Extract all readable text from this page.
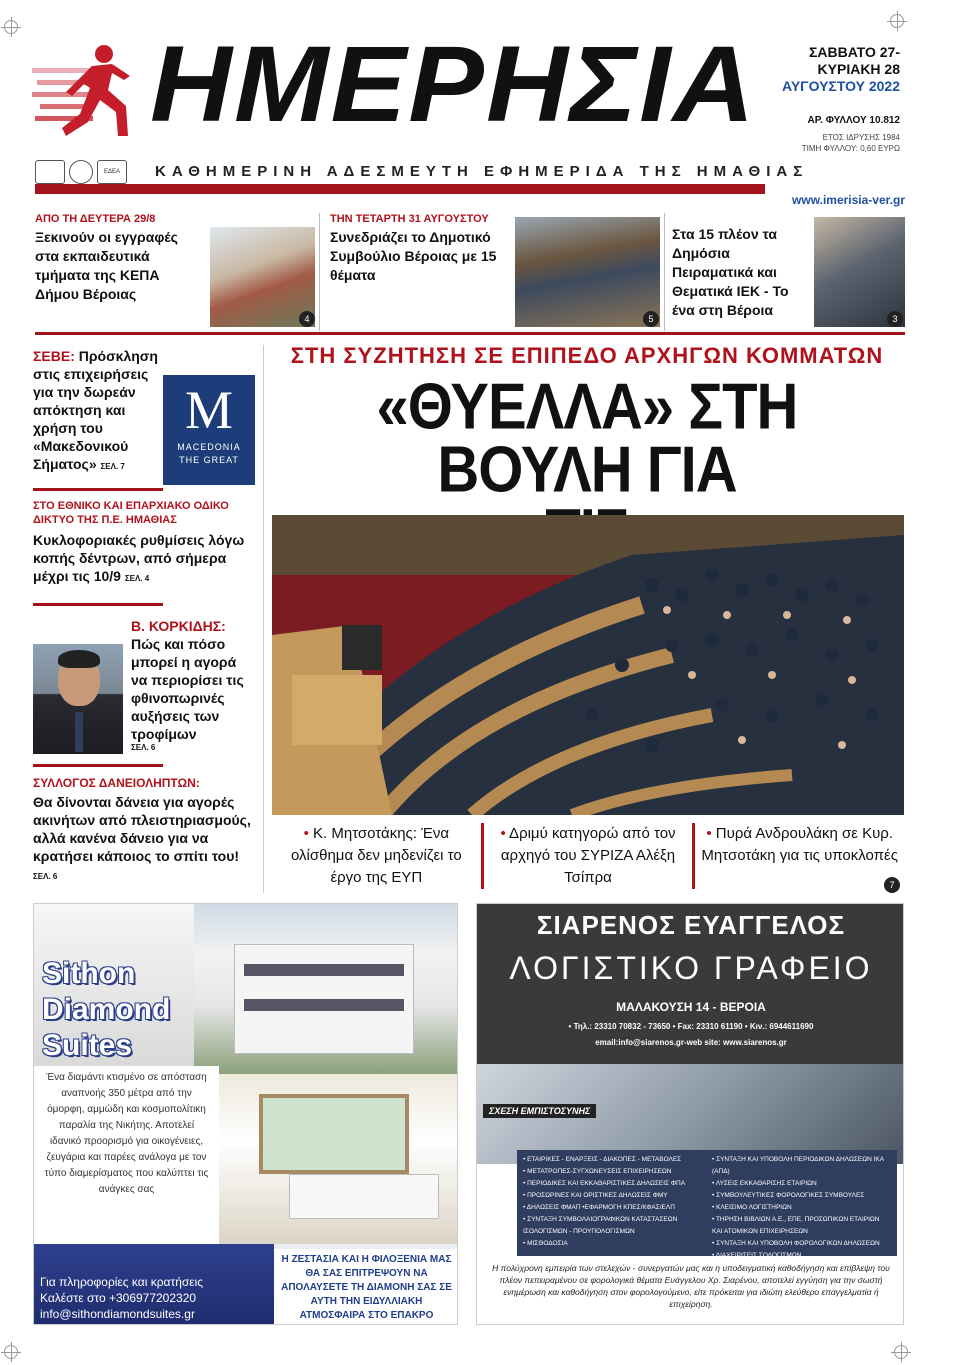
ΗΜΕΡΗΣΙΑ
ΕΔΕΑ	ΚΑΘΗΜΕΡΙΝΗ ΑΔΕΣΜΕΥΤΗ ΕΦΗΜΕΡΙΔΑ ΤΗΣ ΗΜΑΘΙΑΣ
ΣΑΒΒΑΤΟ 27-
ΚΥΡΙΑΚΗ 28
ΑΥΓΟΥΣΤΟΥ 2022
ΑΡ. ΦΥΛΛΟΥ 10.812
ΕΤΟΣ ΙΔΡΥΣΗΣ 1984
ΤΙΜΗ ΦΥΛΛΟΥ: 0,60 ΕΥΡΩ
www.imerisia-ver.gr
ΑΠΟ ΤΗ ΔΕΥΤΕΡΑ 29/8
Ξεκινούν οι εγγραφές στα εκπαιδευτικά τμήματα της ΚΕΠΑ Δήμου Βέροιας
4
ΤΗΝ ΤΕΤΑΡΤΗ 31 ΑΥΓΟΥΣΤΟΥ
Συνεδριάζει το Δημοτικό Συμβούλιο Βέροιας με 15 θέματα
5
Στα 15 πλέον τα Δημόσια Πειραματικά και Θεματικά ΙΕΚ - Το ένα στη Βέροια
3
ΣΕΒΕ: Πρόσκληση στις επιχειρήσεις για την δωρεάν απόκτηση και χρήση του «Μακεδονικού Σήματος» ΣΕΛ. 7
M
MACEDONIA
THE GREAT
ΣΤΟ ΕΘΝΙΚΟ ΚΑΙ ΕΠΑΡΧΙΑΚΟ ΟΔΙΚΟ ΔΙΚΤΥΟ ΤΗΣ Π.Ε. ΗΜΑΘΙΑΣ
Κυκλοφοριακές ρυθμίσεις λόγω κοπής δέντρων, από σήμερα μέχρι τις 10/9 ΣΕΛ. 4
Β. ΚΟΡΚΙΔΗΣ: Πώς και πόσο μπορεί η αγορά να περιορίσει τις φθινοπωρινές αυξήσεις των τροφίμων
ΣΕΛ. 6
ΣΥΛΛΟΓΟΣ ΔΑΝΕΙΟΛΗΠΤΩΝ:
Θα δίνονται δάνεια για αγορές ακινήτων από πλειστηριασμούς, αλλά κανένα δάνειο για να κρατήσει κάποιος το σπίτι του! ΣΕΛ. 6
ΣΤΗ ΣΥΖΗΤΗΣΗ ΣΕ ΕΠΙΠΕΔΟ ΑΡΧΗΓΩΝ ΚΟΜΜΑΤΩΝ
«ΘΥΕΛΛΑ» ΣΤΗ ΒΟΥΛΗ ΓΙΑ
• Κ. Μητσοτάκης: Ένα ολίσθημα δεν μηδενίζει το έργο της ΕΥΠ
• Δριμύ κατηγορώ από τον αρχηγό του ΣΥΡΙΖΑ Αλέξη Τσίπρα
• Πυρά Ανδρουλάκη σε Κυρ. Μητσοτάκη για τις υποκλοπές
7
Sithon
Diamond
Suites
Ένα διαμάντι κτισμένο σε απόσταση αναπνοής 350 μέτρα από την όμορφη, αμμώδη και κοσμοπολίτικη παραλία της Νικήτης. Αποτελεί ιδανικό προορισμό για οικογένειες, ζευγάρια και παρέες ανάλογα με τον τύπο διαμερίσματος που καλύπτει τις ανάγκες σας
Για πληροφορίες και κρατήσεις
Καλέστε στο +306977202320
info@sithondiamondsuites.gr
Η ΖΕΣΤΑΣΙΑ ΚΑΙ Η ΦΙΛΟΞΕΝΙΑ ΜΑΣ ΘΑ ΣΑΣ ΕΠΙΤΡΕΨΟΥΝ ΝΑ ΑΠΟΛΑΥΣΕΤΕ ΤΗ ΔΙΑΜΟΝΗ ΣΑΣ ΣΕ ΑΥΤΗ ΤΗΝ ΕΙΔΥΛΛΙΑΚΗ ΑΤΜΟΣΦΑΙΡΑ ΣΤΟ ΕΠΑΚΡΟ
ΣΙΑΡΕΝΟΣ ΕΥΑΓΓΕΛΟΣ
ΛΟΓΙΣΤΙΚΟ ΓΡΑΦΕΙΟ
ΜΑΛΑΚΟΥΣΗ 14 - ΒΕΡΟΙΑ
• Τηλ.: 23310 70832 - 73650 • Fax: 23310 61190 • Κιν.: 6944611690
email:info@siarenos.gr-web site: www.siarenos.gr
ΣΧΕΣΗ ΕΜΠΙΣΤΟΣΥΝΗΣ
• ΕΤΑΙΡΙΚΕΣ - ΕΝΑΡΞΕΙΣ - ΔΙΑΚΟΠΕΣ - ΜΕΤΑΒΟΛΕΣ
• ΜΕΤΑΤΡΟΠΕΣ-ΣΥΓΧΩΝΕΥΣΕΙΣ ΕΠΙΧΕΙΡΗΣΕΩΝ
• ΠΕΡΙΟΔΙΚΕΣ ΚΑΙ ΕΚΚΑΘΑΡΙΣΤΙΚΕΣ ΔΗΛΩΣΕΙΣ ΦΠΑ
• ΠΡΟΣΩΡΙΝΕΣ ΚΑΙ ΟΡΙΣΤΙΚΕΣ ΔΗΛΩΣΕΙΣ ΦΜΥ
• ΔΗΛΩΣΕΙΣ ΦΜΑΠ •ΕΦΑΡΜΟΓΗ ΚΠΕΣ/ΚΦΑΣ/ΕΛΠ
• ΣΥΝΤΑΞΗ ΣΥΜΒΟΛΑΙΟΓΡΑΦΙΚΩΝ ΚΑΤΑΣΤΑΣΕΩΝ
ΙΣΟΛΟΓΙΣΜΩΝ - ΠΡΟΥΠΟΛΟΓΙΣΜΩΝ
• ΜΙΣΘΟΔΟΣΙΑ
• ΣΥΝΤΑΞΗ ΚΑΙ ΥΠΟΒΟΛΗ ΠΕΡΙΟΔΙΚΩΝ ΔΗΛΩΣΕΩΝ ΙΚΑ (ΑΠΔ)
• ΛΥΣΕΙΣ ΕΚΚΑΘΑΡΙΣΗΣ ΕΤΑΙΡΙΩΝ
• ΣΥΜΒΟΥΛΕΥΤΙΚΕΣ ΦΟΡΟΛΟΓΙΚΕΣ ΣΥΜΒΟΥΛΕΣ
• ΚΛΕΙΣΙΜΟ ΛΟΓΙΣΤΗΡΙΩΝ
• ΤΗΡΗΣΗ ΒΙΒΛΙΩΝ Α.Ε., ΕΠΕ, ΠΡΟΣΩΠΙΚΩΝ ΕΤΑΙΡΙΩΝ
ΚΑΙ ΑΤΟΜΙΚΩΝ ΕΠΙΧΕΙΡΗΣΕΩΝ
• ΣΥΝΤΑΞΗ ΚΑΙ ΥΠΟΒΟΛΗ ΦΟΡΟΛΟΓΙΚΩΝ ΔΗΛΩΣΕΩΝ
• ΔΙΑΧΕΙΡΙΣΕΙΣ ΣΟΛΟΓΙΣΜΩΝ
Η πολύχρονη εμπειρία των στελεχών - συνεργατών μας και η υποδειγματική καθοδήγηση και επίβλεψη του πλέον πεπειραμένου σε φορολογικά θέματα Ευάγγελου Χρ. Σιαρένου, αποτελεί εγγύηση για την σωστή ενημέρωση και καθοδήγηση στον φορολογούμενο, είτε πρόκειται για ιδιώτη ελεύθερο επαγγελματία ή επιχείρηση.
